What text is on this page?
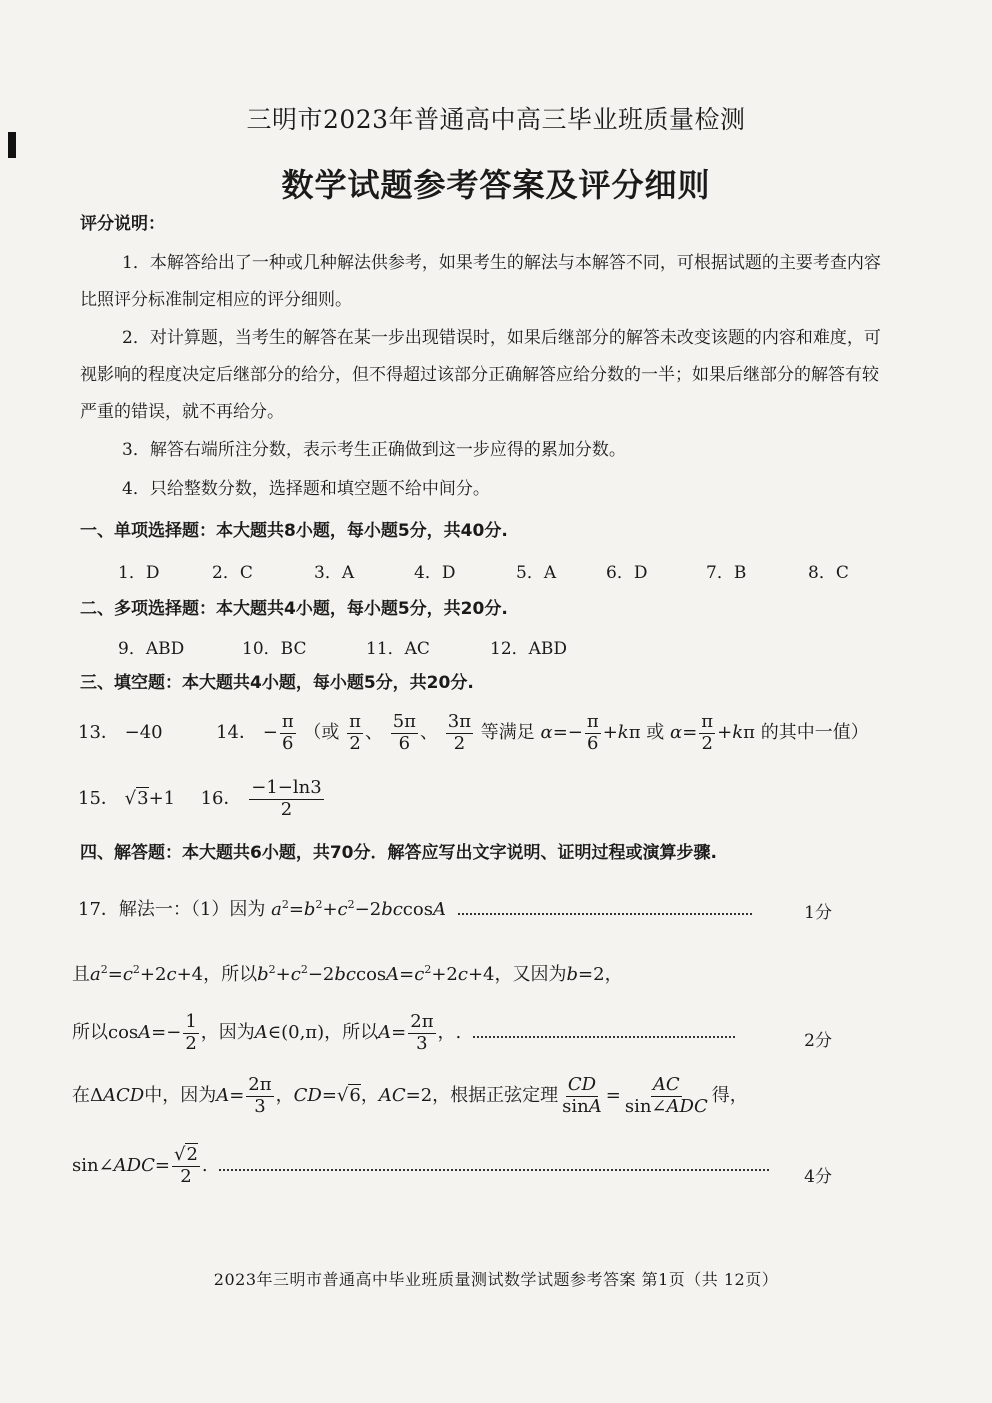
三明市2023年普通高中高三毕业班质量检测
数学试题参考答案及评分细则
评分说明：
1．本解答给出了一种或几种解法供参考，如果考生的解法与本解答不同，可根据试题的主要考查内容比照评分标准制定相应的评分细则。
2．对计算题，当考生的解答在某一步出现错误时，如果后继部分的解答未改变该题的内容和难度，可视影响的程度决定后继部分的给分，但不得超过该部分正确解答应给分数的一半；如果后继部分的解答有较严重的错误，就不再给分。
3．解答右端所注分数，表示考生正确做到这一步应得的累加分数。
4．只给整数分数，选择题和填空题不给中间分。
一、单项选择题：本大题共8小题，每小题5分，共40分.
1．D	2．C	3．A	4．D	5．A	6．D	7．B	8．C
二、多项选择题：本大题共4小题，每小题5分，共20分.
9．ABD	10．BC	11．AC	12．ABD
三、填空题：本大题共4小题，每小题5分，共20分.
13． −40	14． − $\frac{\pi}{6}$ （或 $\frac{\pi}{2}$ 、 $\frac{5\pi}{6}$ 、 $\frac{3\pi}{2}$ 等满足 $\alpha=- \frac{\pi}{6} +k\pi$ 或 $\alpha= \frac{\pi}{2} +k\pi$ 的其中一值）
15． √3+1 16． $\frac{-1-\ln 3}{2}$
四、解答题：本大题共6小题，共70分．解答应写出文字说明、证明过程或演算步骤.
17．解法一：（1）因为 $a^2=b^2+c^2-2bccosA$	1分
且$a^2=c^2+2c+4$，所以$b^2+c^2-2bccosA=c^2+2c+4$，又因为b=2，
所以$\cos A=- \frac{1}{2}$ ，因为A∈(0,π)，所以$A= \frac{2\pi}{3}$ ，.	2分
在ΔACD中，因为$A= \frac{2\pi}{3}$ ，CD=√6，AC=2，根据正弦定理 $\frac{CD}{\sin A} = \frac{AC}{\text{sin∠ADC}}$ 得，
sin∠ADC= $\frac{√2}{2}$ .
4分
2023年三明市普通高中毕业班质量测试数学试题参考答案 第1页（共 12页）
